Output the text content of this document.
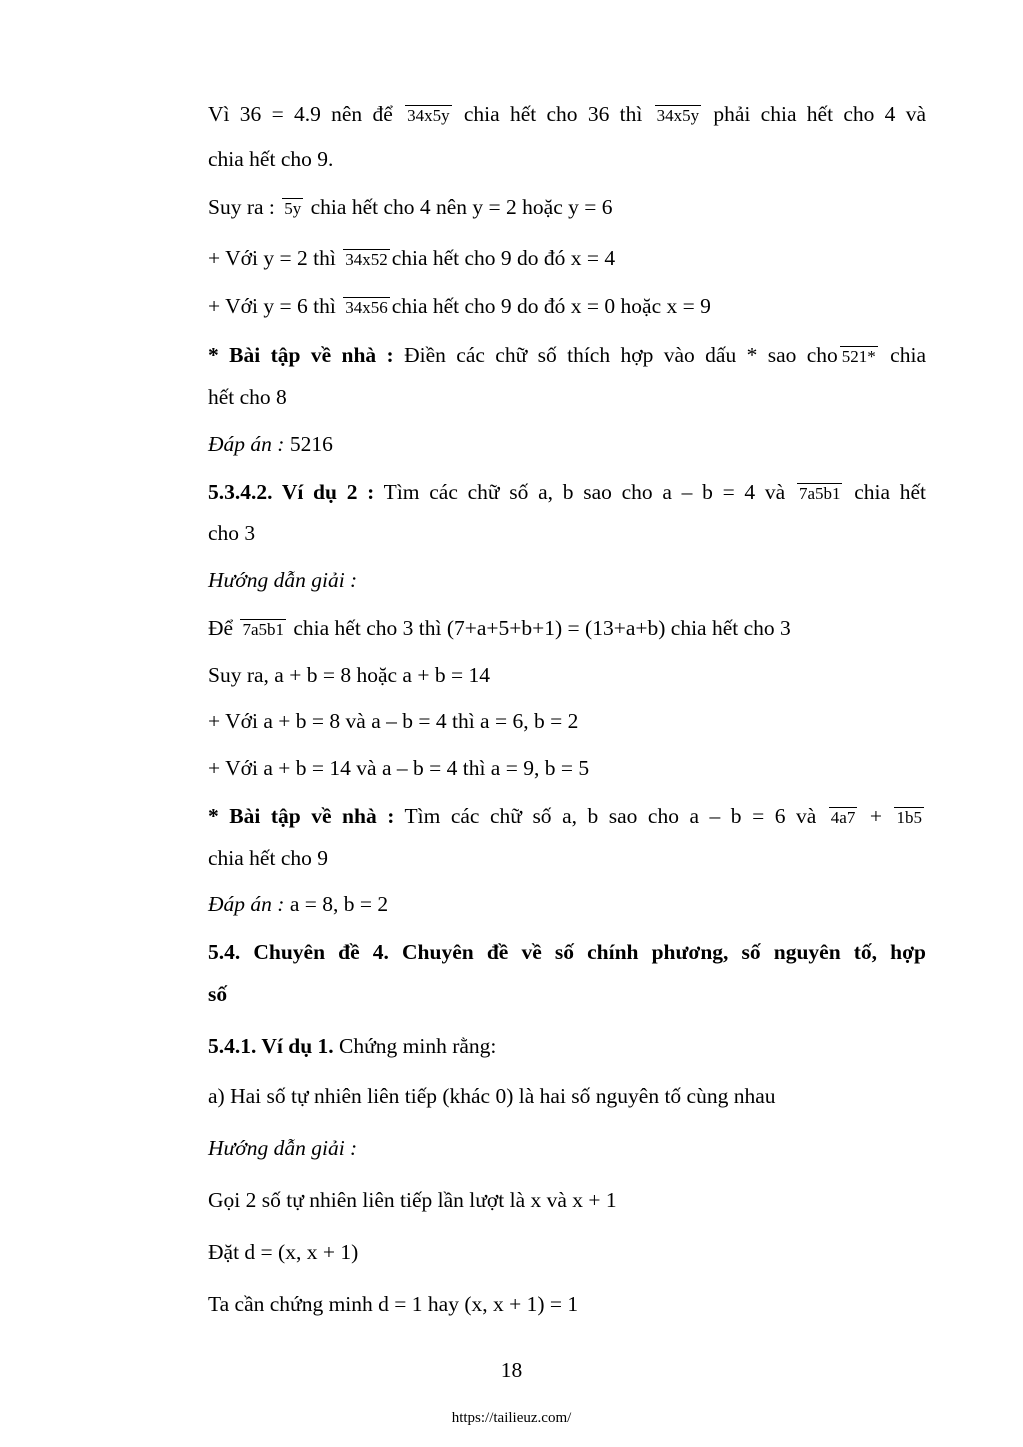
Vì 36 = 4.9 nên để 34x5y chia hết cho 36 thì 34x5y phải chia hết cho 4 và
chia hết cho 9.
Suy ra : 5y chia hết cho 4 nên y = 2 hoặc y = 6
+ Với y = 2 thì 34x52 chia hết cho 9 do đó x = 4
+ Với y = 6 thì 34x56 chia hết cho 9 do đó x = 0 hoặc x = 9
* Bài tập về nhà : Điền các chữ số thích hợp vào dấu * sao cho 521* chia
hết cho 8
Đáp án : 5216
5.3.4.2. Ví dụ 2 : Tìm các chữ số a, b sao cho a – b = 4 và 7a5b1 chia hết
cho 3
Hướng dẫn giải :
Để 7a5b1 chia hết cho 3 thì (7+a+5+b+1) = (13+a+b) chia hết cho 3
Suy ra, a + b = 8 hoặc a + b = 14
+ Với a + b = 8 và a – b = 4 thì a = 6, b = 2
+ Với a + b = 14 và a – b = 4 thì a = 9, b = 5
* Bài tập về nhà : Tìm các chữ số a, b sao cho a – b = 6 và 4a7 + 1b5
chia hết cho 9
Đáp án : a = 8, b = 2
5.4. Chuyên đề 4. Chuyên đề về số chính phương, số nguyên tố, hợp
số
5.4.1. Ví dụ 1. Chứng minh rằng:
a) Hai số tự nhiên liên tiếp (khác 0) là hai số nguyên tố cùng nhau
Hướng dẫn giải :
Gọi 2 số tự nhiên liên tiếp lần lượt là x và x + 1
Đặt d = (x, x + 1)
Ta cần chứng minh d = 1 hay (x, x + 1) = 1
18
https://tailieuz.com/
